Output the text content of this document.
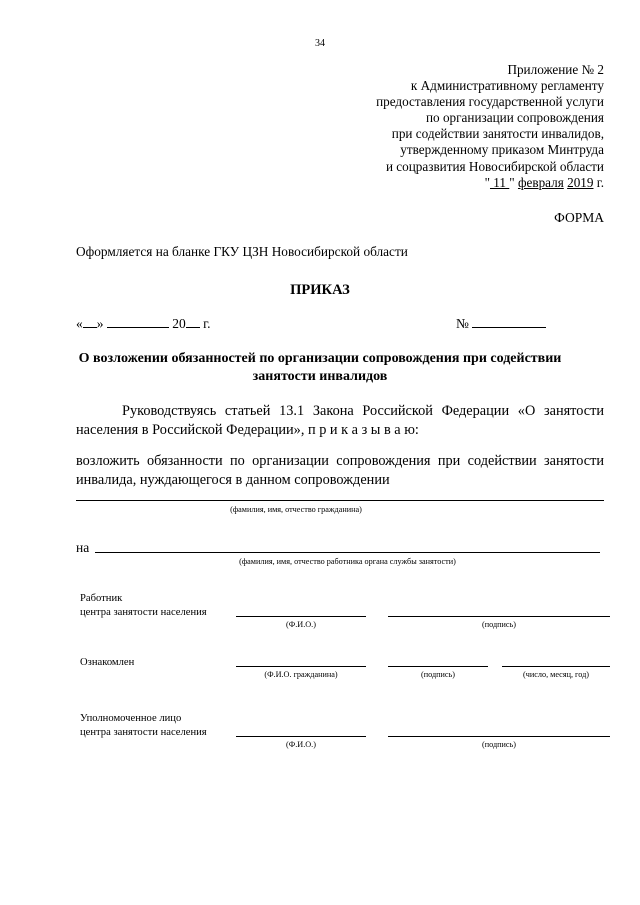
34
Приложение № 2
к Административному регламенту
предоставления государственной услуги
по организации сопровождения
при содействии занятости инвалидов,
утвержденному приказом Минтруда
и соцразвития Новосибирской области
" 11 " февраля 2019 г.
ФОРМА
Оформляется на бланке ГКУ ЦЗН Новосибирской области
ПРИКАЗ
« »	20 г.	№
О возложении обязанностей по организации сопровождения при содействии
занятости инвалидов
Руководствуясь статьей 13.1 Закона Российской Федерации «О занятости населения в Российской Федерации», п р и к а з ы в а ю:
возложить обязанности по организации сопровождения при содействии занятости инвалида, нуждающегося в данном сопровождении
(фамилия, имя, отчество гражданина)
на
(фамилия, имя, отчество работника органа службы занятости)
Работник
центра занятости населения
(Ф.И.О.)	(подпись)
Ознакомлен
(Ф.И.О. гражданина)	(подпись)	(число, месяц, год)
Уполномоченное лицо
центра занятости населения
(Ф.И.О.)	(подпись)
